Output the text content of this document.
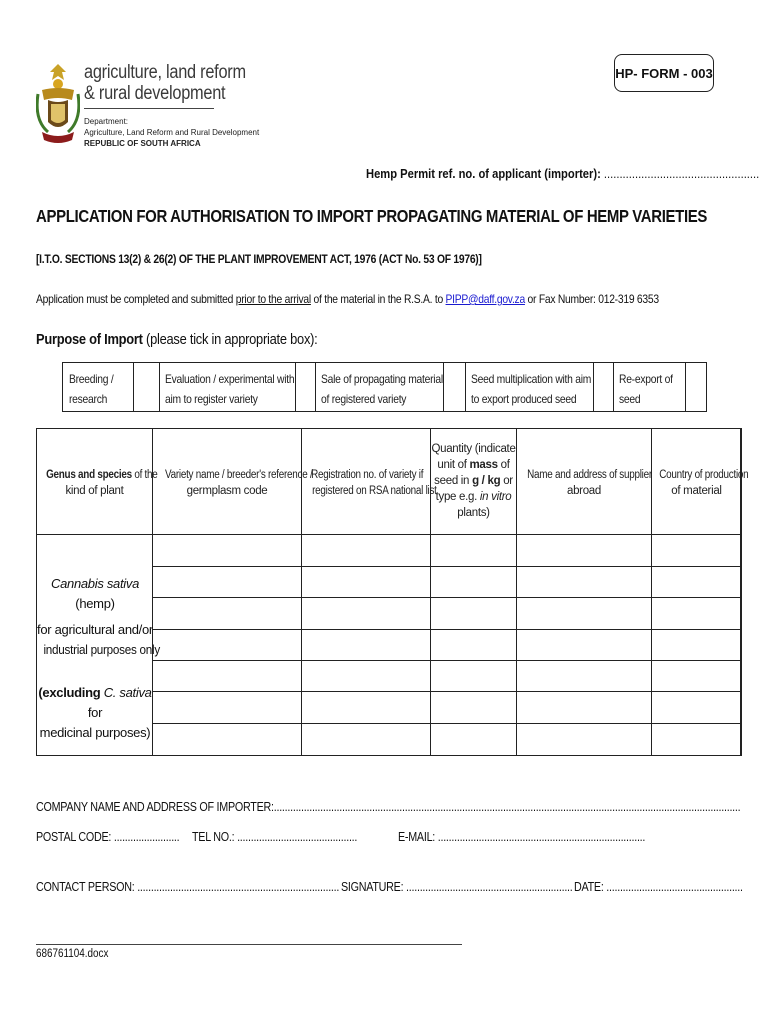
HP- FORM - 003
agriculture, land reform
& rural development
Department:
Agriculture, Land Reform and Rural Development
REPUBLIC OF SOUTH AFRICA
Hemp Permit ref. no. of applicant (importer): ..................................................
APPLICATION FOR AUTHORISATION TO IMPORT PROPAGATING MATERIAL OF HEMP VARIETIES
[I.T.O. SECTIONS 13(2) & 26(2) OF THE PLANT IMPROVEMENT ACT, 1976 (ACT No. 53 OF 1976)]
Application must be completed and submitted prior to the arrival of the material in the R.S.A. to PIPP@daff.gov.za or Fax Number: 012-319 6353
Purpose of Import (please tick in appropriate box):
Breeding /
research
Evaluation / experimental with
aim to register variety
Sale of propagating material
of registered variety
Seed multiplication with aim
to export produced seed
Re-export of
seed
Genus and species of the
kind of plant
Variety name / breeder's reference /
germplasm code
Registration no. of variety if registered on RSA national list
Quantity (indicate
unit of mass of
seed in g / kg or
type e.g. in vitro
plants)
Name and address of supplier
abroad
Country of production
of material
Cannabis sativa (hemp)
for agricultural and/or
industrial purposes only
(excluding C. sativa for
medicinal purposes)
COMPANY NAME AND ADDRESS OF IMPORTER:...........................................................................................................................................................................
POSTAL CODE: ........................ TEL NO.: ............................................	E-MAIL: ............................................................................
CONTACT PERSON: .......................................................................... SIGNATURE: ............................................................. DATE: ..................................................
686761104.docx
